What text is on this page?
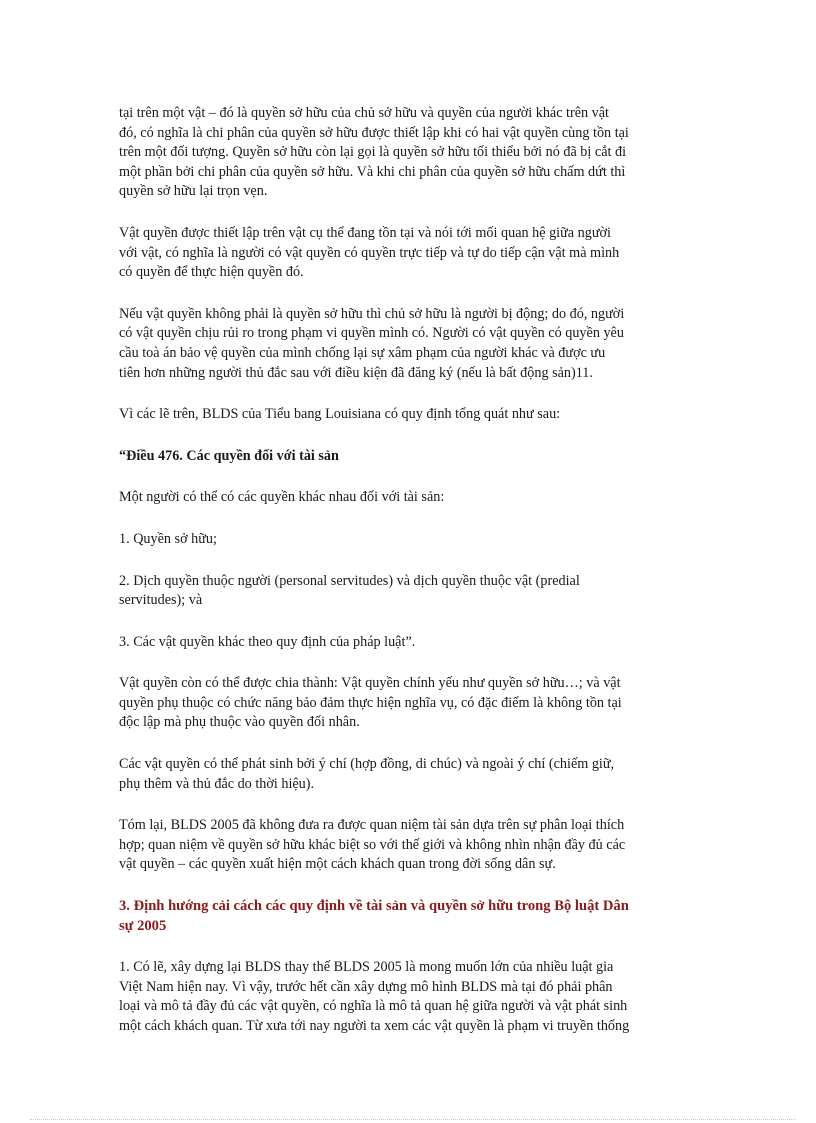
tại trên một vật – đó là quyền sở hữu của chủ sở hữu và quyền của người khác trên vật
đó, có nghĩa là chi phân của quyền sở hữu được thiết lập khi có hai vật quyền cùng tồn tại
trên một đối tượng. Quyền sở hữu còn lại gọi là quyền sở hữu tối thiểu bởi nó đã bị cắt đi
một phần bởi chi phân của quyền sở hữu. Và khi chi phân của quyền sở hữu chấm dứt thì
quyền sở hữu lại trọn vẹn.
Vật quyền được thiết lập trên vật cụ thể đang tồn tại và nói tới mối quan hệ giữa người
với vật, có nghĩa là người có vật quyền có quyền trực tiếp và tự do tiếp cận vật mà mình
có quyền để thực hiện quyền đó.
Nếu vật quyền không phải là quyền sở hữu thì chủ sở hữu là người bị động; do đó, người
có vật quyền chịu rủi ro trong phạm vi quyền mình có. Người có vật quyền có quyền yêu
cầu toà án bảo vệ quyền của mình chống lại sự xâm phạm của người khác và được ưu
tiên hơn những người thủ đắc sau với điều kiện đã đăng ký (nếu là bất động sản)11.
Vì các lẽ trên, BLDS của Tiểu bang Louisiana có quy định tổng quát như sau:
“Điều 476. Các quyền đối với tài sản
Một người có thể có các quyền khác nhau đối với tài sản:
1. Quyền sở hữu;
2. Dịch quyền thuộc người (personal servitudes) và dịch quyền thuộc vật (predial
servitudes); và
3. Các vật quyền khác theo quy định của pháp luật”.
Vật quyền còn có thể được chia thành: Vật quyền chính yếu như quyền sở hữu…; và vật
quyền phụ thuộc có chức năng bảo đảm thực hiện nghĩa vụ, có đặc điểm là không tồn tại
độc lập mà phụ thuộc vào quyền đối nhân.
Các vật quyền có thể phát sinh bởi ý chí (hợp đồng, di chúc) và ngoài ý chí (chiếm giữ,
phụ thêm và thủ đắc do thời hiệu).
Tóm lại, BLDS 2005 đã không đưa ra được quan niệm tài sản dựa trên sự phân loại thích
hợp; quan niệm về quyền sở hữu khác biệt so với thế giới và không nhìn nhận đầy đủ các
vật quyền – các quyền xuất hiện một cách khách quan trong đời sống dân sự.
3. Định hướng cải cách các quy định về tài sản và quyền sở hữu trong Bộ luật Dân
sự 2005
1. Có lẽ, xây dựng lại BLDS thay thế BLDS 2005 là mong muốn lớn của nhiều luật gia
Việt Nam hiện nay. Vì vậy, trước hết cần xây dựng mô hình BLDS mà tại đó phải phân
loại và mô tả đầy đủ các vật quyền, có nghĩa là mô tả quan hệ giữa người và vật phát sinh
một cách khách quan. Từ xưa tới nay người ta xem các vật quyền là phạm vi truyền thống
